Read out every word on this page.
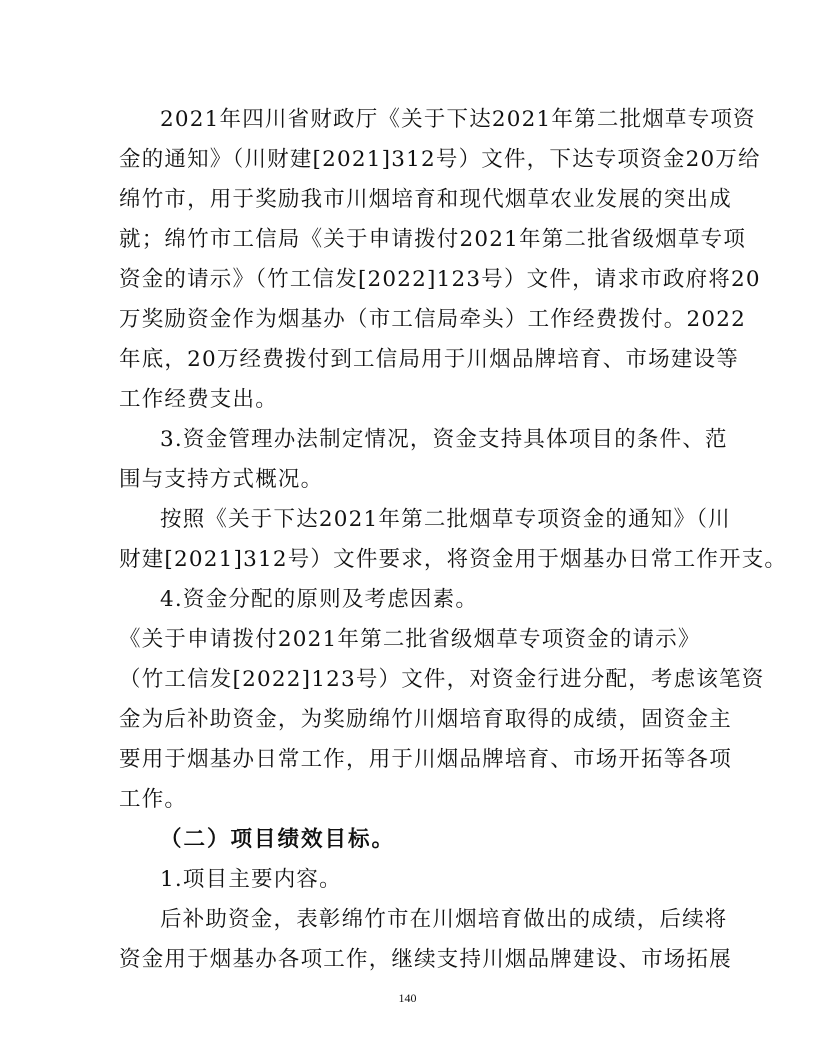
2021年四川省财政厅《关于下达2021年第二批烟草专项资
金的通知》（川财建[2021]312号）文件，下达专项资金20万给
绵竹市，用于奖励我市川烟培育和现代烟草农业发展的突出成
就；绵竹市工信局《关于申请拨付2021年第二批省级烟草专项
资金的请示》（竹工信发[2022]123号）文件，请求市政府将20
万奖励资金作为烟基办（市工信局牵头）工作经费拨付。2022
年底，20万经费拨付到工信局用于川烟品牌培育、市场建设等
工作经费支出。
3.资金管理办法制定情况，资金支持具体项目的条件、范
围与支持方式概况。
按照《关于下达2021年第二批烟草专项资金的通知》（川
财建[2021]312号）文件要求，将资金用于烟基办日常工作开支。
4.资金分配的原则及考虑因素。
《关于申请拨付2021年第二批省级烟草专项资金的请示》
（竹工信发[2022]123号）文件，对资金行进分配，考虑该笔资
金为后补助资金，为奖励绵竹川烟培育取得的成绩，固资金主
要用于烟基办日常工作，用于川烟品牌培育、市场开拓等各项
工作。
（二）项目绩效目标。
1.项目主要内容。
后补助资金，表彰绵竹市在川烟培育做出的成绩，后续将
资金用于烟基办各项工作，继续支持川烟品牌建设、市场拓展
140
